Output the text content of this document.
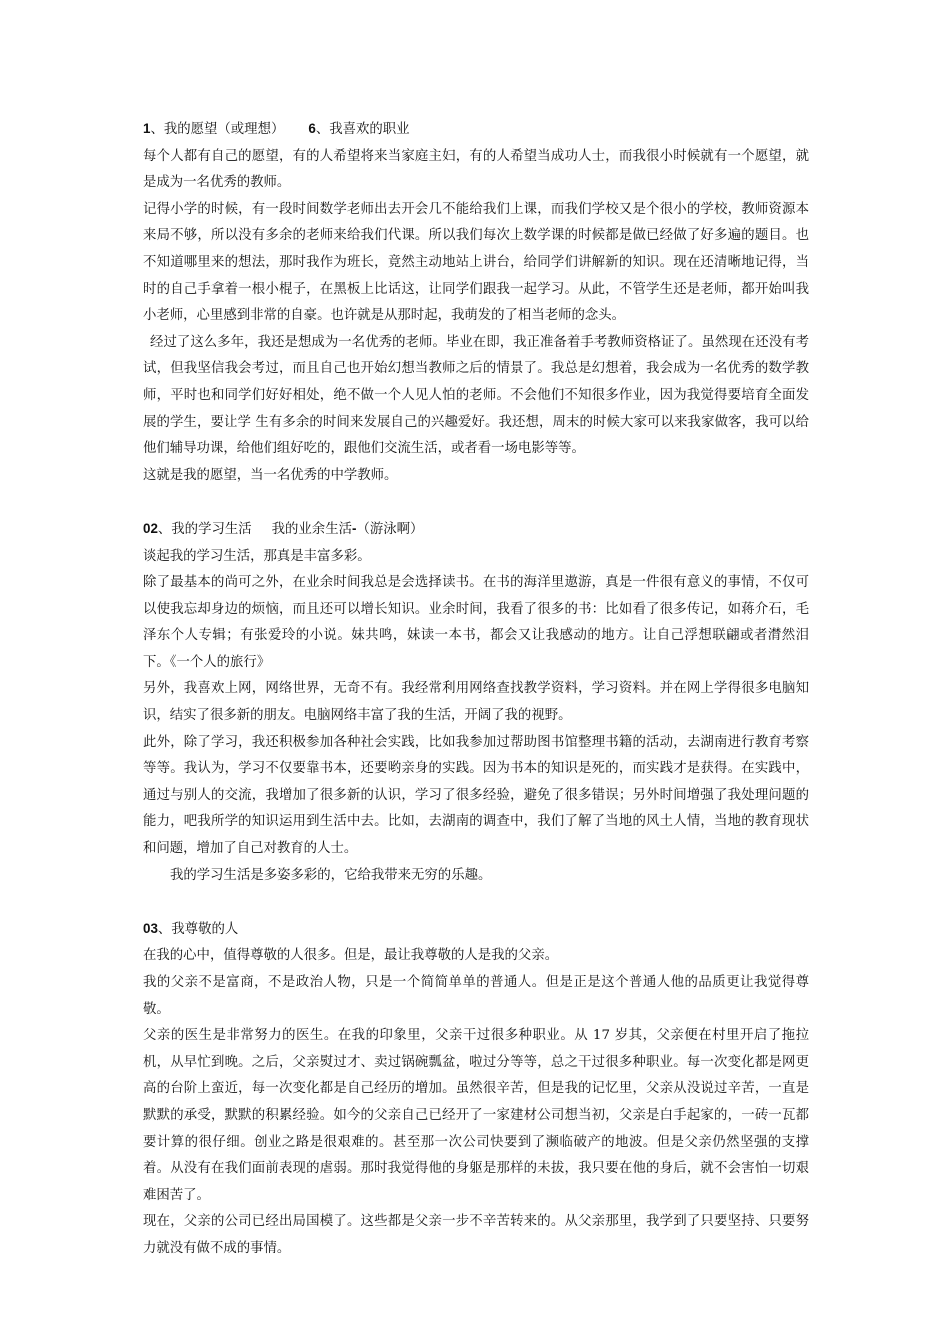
1、我的愿望（或理想） 6、我喜欢的职业

每个人都有自己的愿望，有的人希望将来当家庭主妇，有的人希望当成功人士，而我很小时候就有一个愿望，就是成为一名优秀的教师。

记得小学的时候，有一段时间数学老师出去开会几不能给我们上课，而我们学校又是个很小的学校，教师资源本来局不够，所以没有多余的老师来给我们代课。所以我们每次上数学课的时候都是做已经做了好多遍的题目。也不知道哪里来的想法，那时我作为班长，竟然主动地站上讲台，给同学们讲解新的知识。现在还清晰地记得，当时的自己手拿着一根小棍子，在黑板上比话这，让同学们跟我一起学习。从此，不管学生还是老师，都开始叫我小老师，心里感到非常的自豪。也许就是从那时起，我萌发的了相当老师的念头。

经过了这么多年，我还是想成为一名优秀的老师。毕业在即，我正准备着手考教师资格证了。虽然现在还没有考试，但我坚信我会考过，而且自己也开始幻想当教师之后的情景了。我总是幻想着，我会成为一名优秀的数学教师，平时也和同学们好好相处，绝不做一个人见人怕的老师。不会他们不知很多作业，因为我觉得要培育全面发展的学生，要让学 生有多余的时间来发展自己的兴趣爱好。我还想，周末的时候大家可以来我家做客，我可以给他们辅导功课，给他们组好吃的，跟他们交流生活，或者看一场电影等等。

这就是我的愿望，当一名优秀的中学教师。

02、我的学习生活 我的业余生活-（游泳啊）

谈起我的学习生活，那真是丰富多彩。

除了最基本的尚可之外，在业余时间我总是会选择读书。在书的海洋里遨游，真是一件很有意义的事情，不仅可以使我忘却身边的烦恼，而且还可以增长知识。业余时间，我看了很多的书：比如看了很多传记，如蒋介石，毛泽东个人专辑；有张爱玲的小说。妹共鸣，妹读一本书，都会又让我感动的地方。让自己浮想联翩或者潸然泪下。《一个人的旅行》

另外，我喜欢上网，网络世界，无奇不有。我经常利用网络查找教学资料，学习资料。并在网上学得很多电脑知识，结实了很多新的朋友。电脑网络丰富了我的生活，开阔了我的视野。

此外，除了学习，我还积极参加各种社会实践，比如我参加过帮助图书馆整理书籍的活动，去湖南进行教育考察等等。我认为，学习不仅要靠书本，还要哟亲身的实践。因为书本的知识是死的，而实践才是获得。在实践中，通过与别人的交流，我增加了很多新的认识，学习了很多经验，避免了很多错误；另外时间增强了我处理问题的能力，吧我所学的知识运用到生活中去。比如，去湖南的调查中，我们了解了当地的风土人情，当地的教育现状和问题，增加了自己对教育的人士。

我的学习生活是多姿多彩的，它给我带来无穷的乐趣。

03、我尊敬的人

在我的心中，值得尊敬的人很多。但是，最让我尊敬的人是我的父亲。

我的父亲不是富商，不是政治人物，只是一个简简单单的普通人。但是正是这个普通人他的品质更让我觉得尊敬。

父亲的医生是非常努力的医生。在我的印象里，父亲干过很多种职业。从 17 岁其，父亲便在村里开启了拖拉机，从早忙到晚。之后，父亲熨过才、卖过锅碗瓢盆，啦过分等等，总之干过很多种职业。每一次变化都是网更高的台阶上蛮近，每一次变化都是自己经历的增加。虽然很辛苦，但是我的记忆里，父亲从没说过辛苦，一直是默默的承受，默默的积累经验。如今的父亲自己已经开了一家建材公司想当初，父亲是白手起家的，一砖一瓦都要计算的很仔细。创业之路是很艰难的。甚至那一次公司快要到了濒临破产的地波。但是父亲仍然坚强的支撑着。从没有在我们面前表现的虐弱。那时我觉得他的身躯是那样的未拔，我只要在他的身后，就不会害怕一切艰难困苦了。

现在，父亲的公司已经出局国模了。这些都是父亲一步不辛苦转来的。从父亲那里，我学到了只要坚持、只要努力就没有做不成的事情。
